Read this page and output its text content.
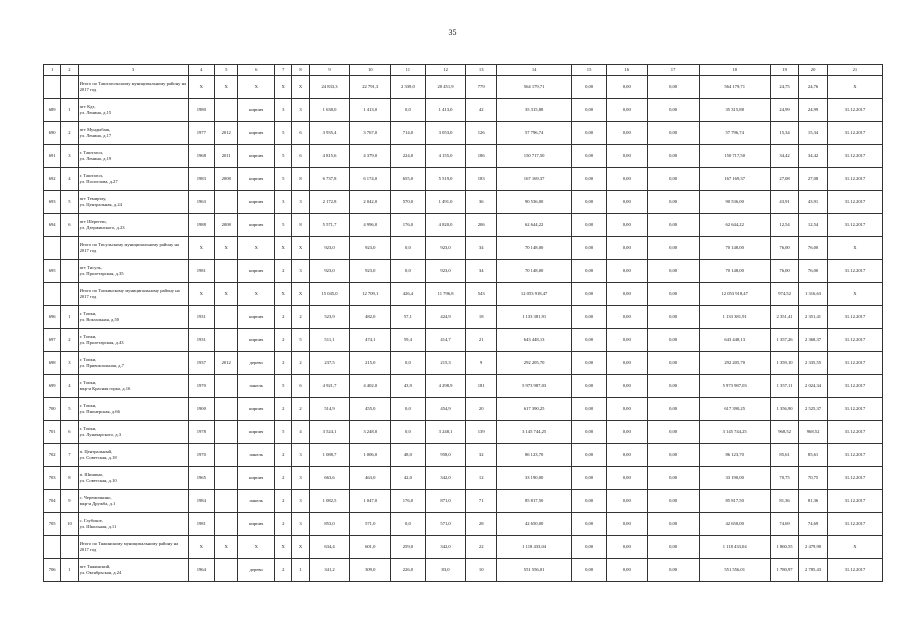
35
1	2	3	4	5	6	7	8	9	10	11	12	13	14	15	16	17	18	19	20	21
		Итого по Таштагольскому муниципальному району на 2017 год	X	X	X	X	X	24 833,3	22 791,3	2 339,0	20 451,9	779	564 179,71	0,00	0,00	0,00	564 179,71	24,75	24,76	X
689	1	пгт Кдз,
ул. Ленина, д.15	1980		кирпич	3	3	1 638,0	1 413,0	0,0	1 413,0	42	35 315,88	0,00	0,00	0,00	35 315,88	24,99	24,99	31.12.2017
690	2	пгт Мундыбаш,
ул. Ленина, д.17	1977	2012	кирпич	5	6	3 935,4	3 767,0	714,0	3 053,0	126	57 796,74	0,00	0,00	0,00	57 796,74	15,34	15,34	31.12.2017
691	3	г. Таштагол,
ул. Ленина, д.19	1968	2011	кирпич	5	6	4 815,6	4 379,0	224,0	4 155,0	186	150 717,50	0,00	0,00	0,00	150 717,50	34,42	34,42	31.12.2017
692	4	г. Таштагол,
ул. Поспелова, д.27	1983	2008	кирпич	5	8	6 737,8	6 174,0	655,0	5 519,0	183	167 169,37	0,00	0,00	0,00	167 169,37	27,08	27,08	31.12.2017
693	5	пгт Темиртау,
ул. Центральная, д.24	1963		кирпич	3	3	2 172,8	2 042,0	570,0	1 491,0	36	90 536,00	0,00	0,00	0,00	90 536,00	43,91	43,91	31.12.2017
694	6	пгт Шерегеш,
ул. Дзержинского, д.23	1988	2008	кирпич	5	8	5 571,7	4 996,0	176,0	4 820,0	206	62 644,22	0,00	0,00	0,00	62 644,22	12,54	12,54	31.12.2017
		Итого по Тисульскому муниципальному району на 2017 год	X	X	X	X	X	923,0	923,0	0,0	923,0	34	70 148,00	0,00	0,00	0,00	70 148,00	76,00	76,00	X
695		пгт Тисуль,
ул. Пролетарская, д.35	1981		кирпич	2	3	923,0	923,0	0,0	923,0	34	70 148,00	0,00	0,00	0,00	70 148,00	76,00	76,00	31.12.2017
		Итого по Топкинскому муниципальному району на 2017 год	X	X	X	X	X	15 045,0	12 709,1	426,4	11 796,8	543	12 053 918,47	0,00	0,00	0,00	12 053 918,47	974,52	1 316,63	X
696	1	г. Топки,
ул. Вокзальная, д.50	1931		кирпич	2	2	523,9	482,0	57,1	424,9	18	1 133 381,91	0,00	0,00	0,00	1 133 381,91	2 351,41	2 351,41	31.12.2017
697	2	г. Топки,
ул. Пролетарская, д.43	1931		кирпич	2	5	511,1	474,1	59,4	414,7	21	643 448,13	0,00	0,00	0,00	643 448,13	1 357,26	2 368,37	31.12.2017
698	3	г. Топки,
ул. Привокзальная, д.7	1937	2012	дерево	2	2	237,5	215,0	0,0	215,3	9	292 205,70	0,00	0,00	0,00	292 205,70	1 359,10	2 335,55	31.12.2017
699	4	г. Топки,
мкр-н Красная горка, д.16	1970		панель	5	6	4 921,7	4 402,0	43,9	4 298,9	181	5 973 987,03	0,00	0,00	0,00	5 973 987,03	1 357,11	2 024,34	31.12.2017
700	5	г. Топки,
ул. Пионерская, д.66	1900		кирпич	2	2	514,9	455,0	0,0	454,9	20	617 390,25	0,00	0,00	0,00	617 390,25	1 356,90	2 525,37	31.12.2017
701	6	г. Топки,
ул. Луначарского, д.3	1978		кирпич	5	4	3 524,1	3 248,0	0,0	3 248,1	139	3 145 744,25	0,00	0,00	0,00	3 145 744,25	968,52	968,52	31.12.2017
702	7	п. Центральный,
ул. Советская, д.18	1970		панель	2	3	1 088,7	1 006,0	48,0	958,0	32	86 123,70	0,00	0,00	0,00	86 123,70	85,61	85,61	31.12.2017
703	8	п. Шишино,
ул. Советская, д.10	1965		кирпич	2	3	663,6	463,0	42,0	342,0	12	33 190,00	0,00	0,00	0,00	33 190,00	70,75	70,75	31.12.2017
704	9	с. Черемичкино,
мкр-н Дружба, д.1	1984		панель	2	3	1 082,5	1 047,0	176,0	871,0	71	85 817,50	0,00	0,00	0,00	85 817,50	81,36	81,36	31.12.2017
705	10	с. Глубокое,
ул. Школьная, д.11	1981		кирпич	2	3	853,0	571,0	0,0	571,0	28	42 650,00	0,00	0,00	0,00	42 650,00	74,69	74,69	31.12.2017
		Итого по Тяжинскому муниципальному району на 2017 год	X	X	X	X	X	634,4	601,0	259,0	342,0	22	1 118 433,04	0,00	0,00	0,00	1 118 433,04	1 860,55	2 479,90	X
706	1	пгт Тяжинский,
ул. Октябрьская, д.24	1964		дерево	2	1	341,2	309,0	226,0	83,0	10	551 556,01	0,00	0,00	0,00	551 556,01	1 780,97	2 785,43	31.12.2017
